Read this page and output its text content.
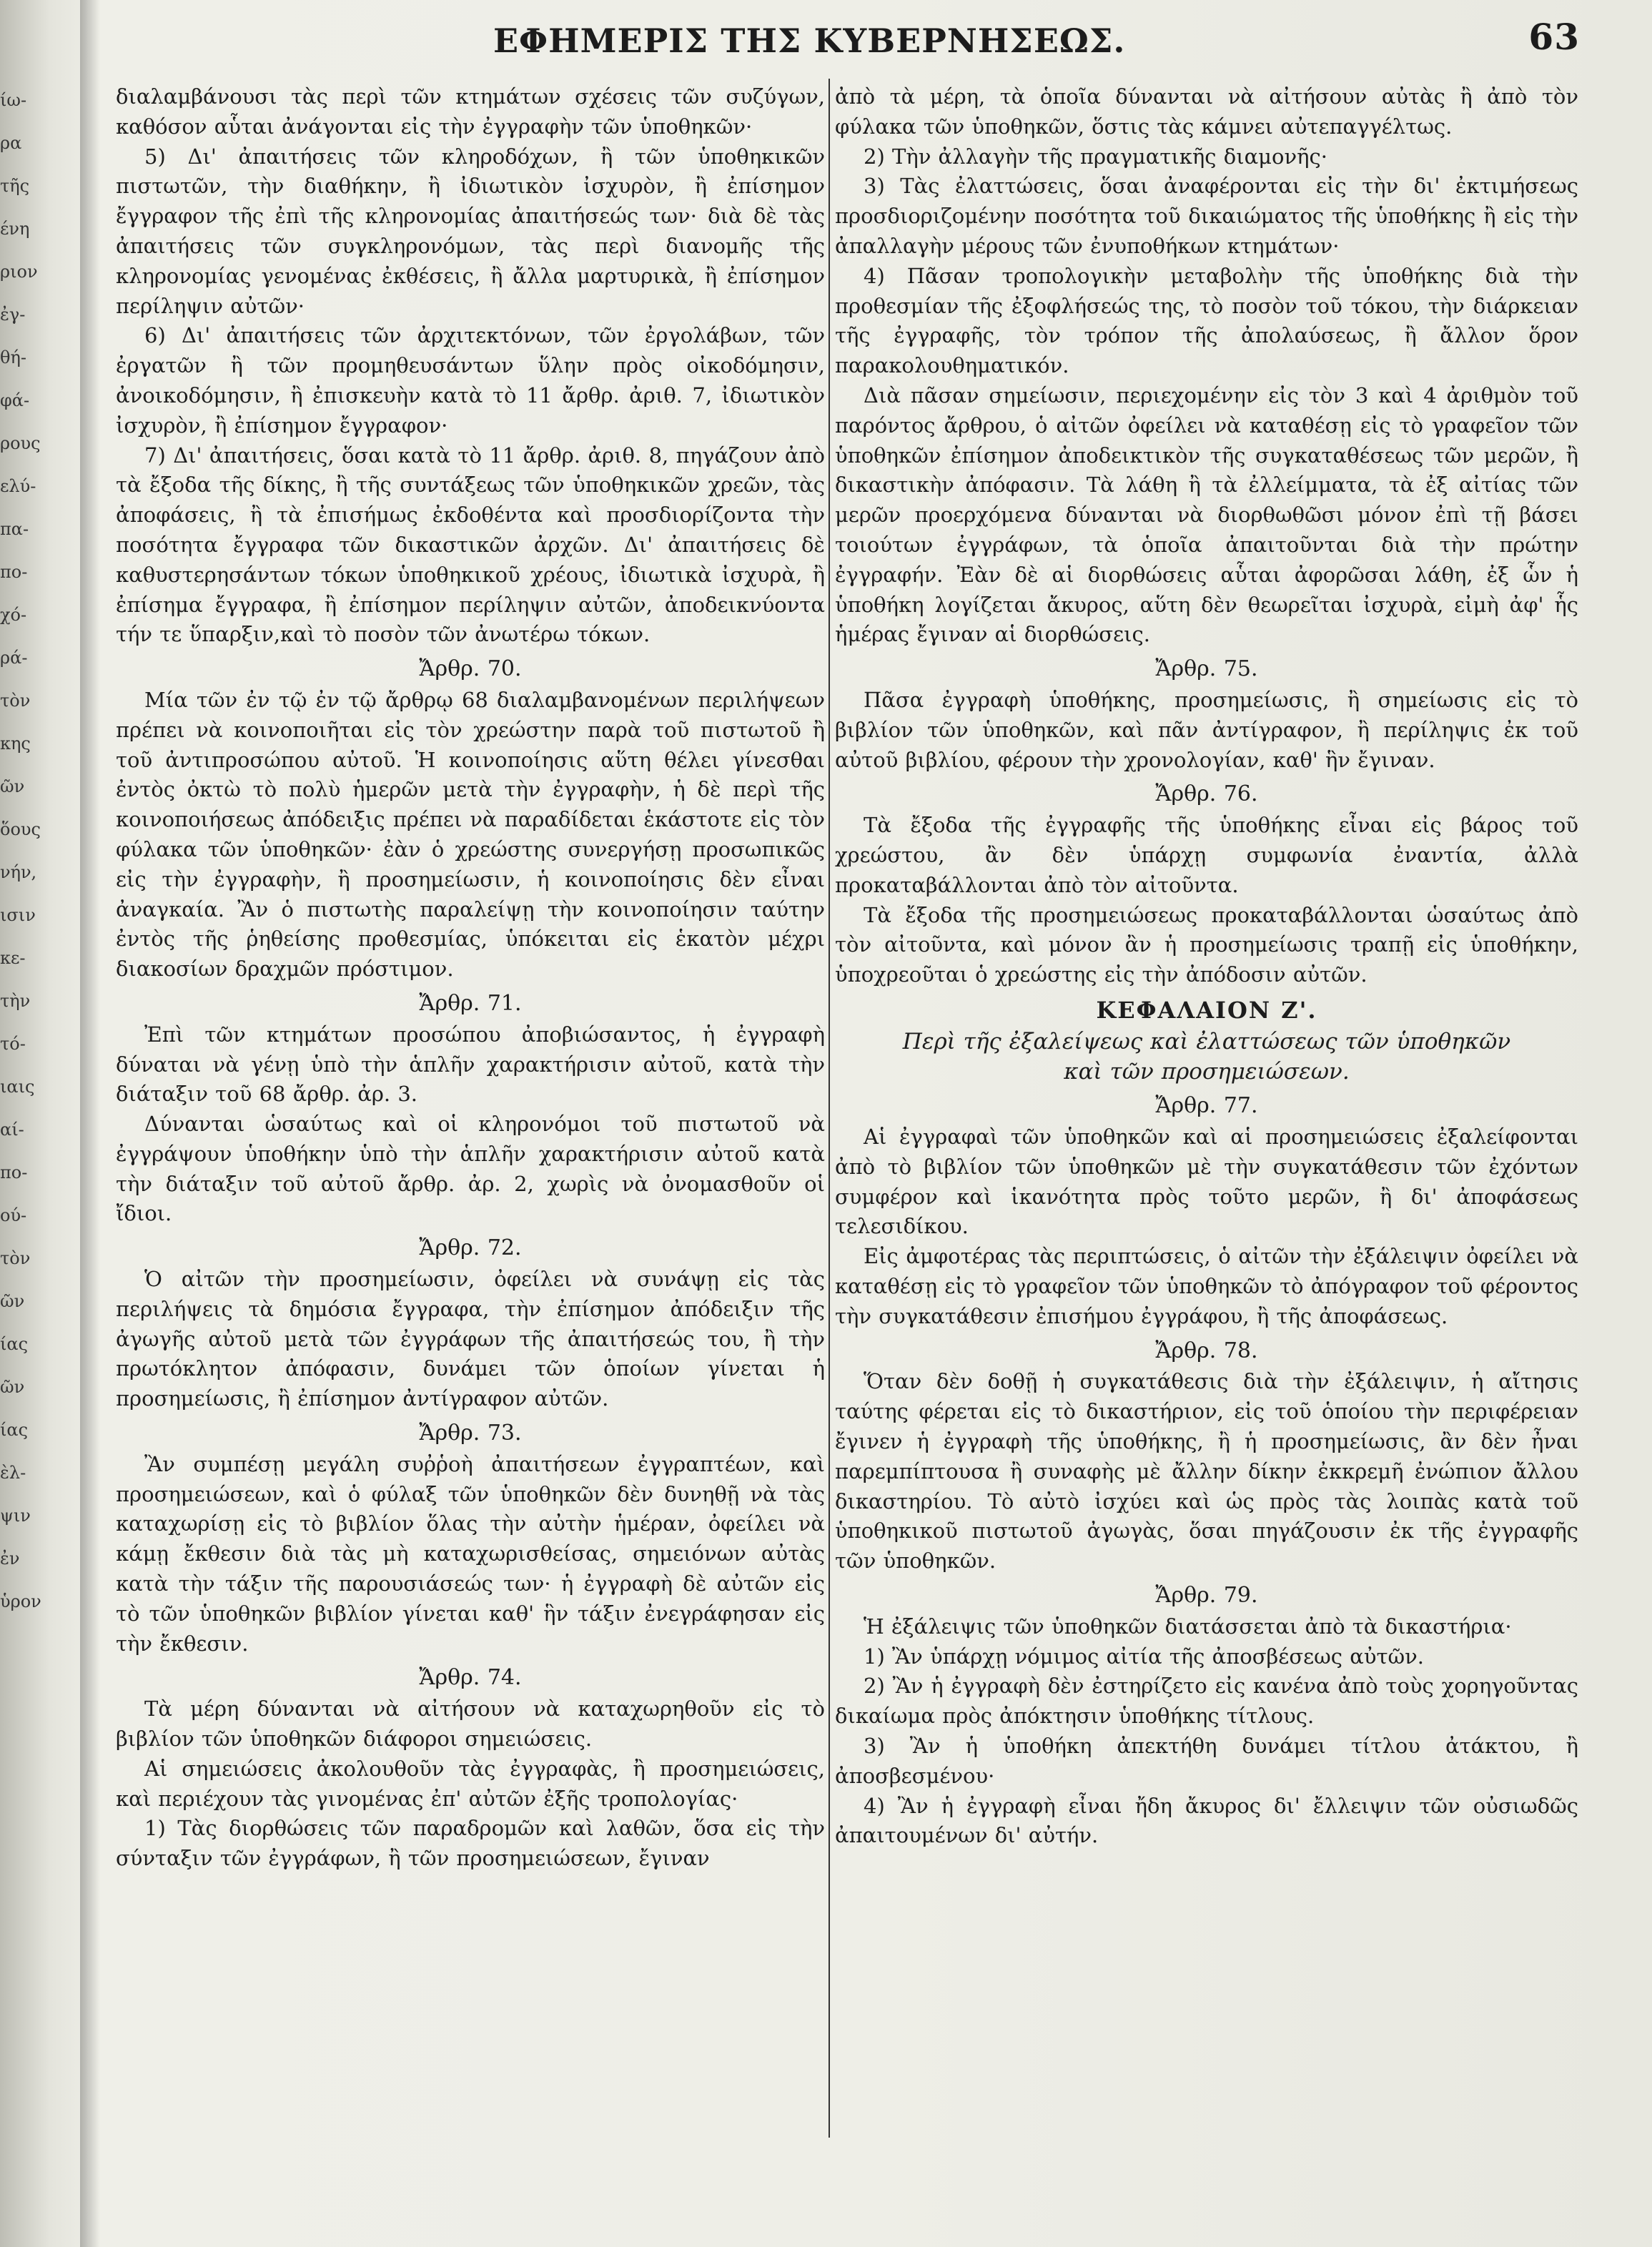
ίω-
ρα
τῆς
ένη
ριον
ἐγ-
θή-
φά-
ρους
ελύ-
πα-
πο-
χό-
ρά-
τὸν
κης
ῶν
ὅους
νήν,
ισιν
κε-
τὴν
τό-
ιαις
αί-
πο-
ού-
τὸν
ῶν
ίας
ῶν
ίας
ὲλ-
ψιν
ἐν
ὑρον
ΕΦΗΜΕΡΙΣ ΤΗΣ ΚΥΒΕΡΝΗΣΕΩΣ.	63

διαλαμβάνουσι τὰς περὶ τῶν κτημάτων σχέσεις τῶν συζύγων, καθόσον αὗται ἀνάγονται εἰς τὴν ἐγγραφὴν τῶν ὑποθηκῶν·

5) Δι' ἀπαιτήσεις τῶν κληροδόχων, ἢ τῶν ὑποθηκικῶν πιστωτῶν, τὴν διαθήκην, ἢ ἰδιωτικὸν ἰσχυρὸν, ἢ ἐπίσημον ἔγγραφον τῆς ἐπὶ τῆς κληρονομίας ἀπαιτήσεώς των· διὰ δὲ τὰς ἀπαιτήσεις τῶν συγκληρονόμων, τὰς περὶ διανομῆς τῆς κληρονομίας γενομένας ἐκθέσεις, ἢ ἄλλα μαρτυρικὰ, ἢ ἐπίσημον περίληψιν αὐτῶν·

6) Δι' ἀπαιτήσεις τῶν ἀρχιτεκτόνων, τῶν ἐργολάβων, τῶν ἐργατῶν ἢ τῶν προμηθευσάντων ὕλην πρὸς οἰκοδόμησιν, ἀνοικοδόμησιν, ἢ ἐπισκευὴν κατὰ τὸ 11 ἄρθρ. ἀριθ. 7, ἰδιωτικὸν ἰσχυρὸν, ἢ ἐπίσημον ἔγγραφον·

7) Δι' ἀπαιτήσεις, ὅσαι κατὰ τὸ 11 ἄρθρ. ἀριθ. 8, πηγάζουν ἀπὸ τὰ ἔξοδα τῆς δίκης, ἢ τῆς συντάξεως τῶν ὑποθηκικῶν χρεῶν, τὰς ἀποφάσεις, ἢ τὰ ἐπισήμως ἐκδοθέντα καὶ προσδιορίζοντα τὴν ποσότητα ἔγγραφα τῶν δικαστικῶν ἀρχῶν. Δι' ἀπαιτήσεις δὲ καθυστερησάντων τόκων ὑποθηκικοῦ χρέους, ἰδιωτικὰ ἰσχυρὰ, ἢ ἐπίσημα ἔγγραφα, ἢ ἐπίσημον περίληψιν αὐτῶν, ἀποδεικνύοντα τήν τε ὕπαρξιν,καὶ τὸ ποσὸν τῶν ἀνωτέρω τόκων.

Ἄρθρ. 70.

Μία τῶν ἐν τῷ ἐν τῷ ἄρθρῳ 68 διαλαμβανομένων περιλήψεων πρέπει νὰ κοινοποιῆται εἰς τὸν χρεώστην παρὰ τοῦ πιστωτοῦ ἢ τοῦ ἀντιπροσώπου αὐτοῦ. Ἡ κοινοποίησις αὕτη θέλει γίνεσθαι ἐντὸς ὀκτὼ τὸ πολὺ ἡμερῶν μετὰ τὴν ἐγγραφὴν, ἡ δὲ περὶ τῆς κοινοποιήσεως ἀπόδειξις πρέπει νὰ παραδίδεται ἑκάστοτε εἰς τὸν φύλακα τῶν ὑποθηκῶν· ἐὰν ὁ χρεώστης συνεργήσῃ προσωπικῶς εἰς τὴν ἐγγραφὴν, ἢ προσημείωσιν, ἡ κοινοποίησις δὲν εἶναι ἀναγκαία. Ἂν ὁ πιστωτὴς παραλείψῃ τὴν κοινοποίησιν ταύτην ἐντὸς τῆς ῥηθείσης προθεσμίας, ὑπόκειται εἰς ἑκατὸν μέχρι διακοσίων δραχμῶν πρόστιμον.

Ἄρθρ. 71.

Ἐπὶ τῶν κτημάτων προσώπου ἀποβιώσαντος, ἡ ἐγγραφὴ δύναται νὰ γένῃ ὑπὸ τὴν ἁπλῆν χαρακτήρισιν αὐτοῦ, κατὰ τὴν διάταξιν τοῦ 68 ἄρθρ. ἀρ. 3.

Δύνανται ὡσαύτως καὶ οἱ κληρονόμοι τοῦ πιστωτοῦ νὰ ἐγγράψουν ὑποθήκην ὑπὸ τὴν ἁπλῆν χαρακτήρισιν αὐτοῦ κατὰ τὴν διάταξιν τοῦ αὐτοῦ ἄρθρ. ἀρ. 2, χωρὶς νὰ ὀνομασθοῦν οἱ ἴδιοι.

Ἄρθρ. 72.

Ὁ αἰτῶν τὴν προσημείωσιν, ὀφείλει νὰ συνάψῃ εἰς τὰς περιλήψεις τὰ δημόσια ἔγγραφα, τὴν ἐπίσημον ἀπόδειξιν τῆς ἀγωγῆς αὐτοῦ μετὰ τῶν ἐγγράφων τῆς ἀπαιτήσεώς του, ἢ τὴν πρωτόκλητον ἀπόφασιν, δυνάμει τῶν ὁποίων γίνεται ἡ προσημείωσις, ἢ ἐπίσημον ἀντίγραφον αὐτῶν.

Ἄρθρ. 73.

Ἂν συμπέσῃ μεγάλη συῤῥοὴ ἀπαιτήσεων ἐγγραπτέων, καὶ προσημειώσεων, καὶ ὁ φύλαξ τῶν ὑποθηκῶν δὲν δυνηθῇ νὰ τὰς καταχωρίσῃ εἰς τὸ βιβλίον ὅλας τὴν αὐτὴν ἡμέραν, ὀφείλει νὰ κάμῃ ἔκθεσιν διὰ τὰς μὴ καταχωρισθείσας, σημειόνων αὐτὰς κατὰ τὴν τάξιν τῆς παρουσιάσεώς των· ἡ ἐγγραφὴ δὲ αὐτῶν εἰς τὸ τῶν ὑποθηκῶν βιβλίον γίνεται καθ' ἣν τάξιν ἐνεγράφησαν εἰς τὴν ἔκθεσιν.

Ἄρθρ. 74.

Τὰ μέρη δύνανται νὰ αἰτήσουν νὰ καταχωρηθοῦν εἰς τὸ βιβλίον τῶν ὑποθηκῶν διάφοροι σημειώσεις.

Αἱ σημειώσεις ἀκολουθοῦν τὰς ἐγγραφὰς, ἢ προσημειώσεις, καὶ περιέχουν τὰς γινομένας ἐπ' αὐτῶν ἐξῆς τροπολογίας·

1) Τὰς διορθώσεις τῶν παραδρομῶν καὶ λαθῶν, ὅσα εἰς τὴν σύνταξιν τῶν ἐγγράφων, ἢ τῶν προσημειώσεων, ἔγιναν

ἀπὸ τὰ μέρη, τὰ ὁποῖα δύνανται νὰ αἰτήσουν αὐτὰς ἢ ἀπὸ τὸν φύλακα τῶν ὑποθηκῶν, ὅστις τὰς κάμνει αὐτεπαγγέλτως.

2) Τὴν ἀλλαγὴν τῆς πραγματικῆς διαμονῆς·

3) Τὰς ἐλαττώσεις, ὅσαι ἀναφέρονται εἰς τὴν δι' ἐκτιμήσεως προσδιοριζομένην ποσότητα τοῦ δικαιώματος τῆς ὑποθήκης ἢ εἰς τὴν ἀπαλλαγὴν μέρους τῶν ἐνυποθήκων κτημάτων·

4) Πᾶσαν τροπολογικὴν μεταβολὴν τῆς ὑποθήκης διὰ τὴν προθεσμίαν τῆς ἐξοφλήσεώς της, τὸ ποσὸν τοῦ τόκου, τὴν διάρκειαν τῆς ἐγγραφῆς, τὸν τρόπον τῆς ἀπολαύσεως, ἢ ἄλλον ὅρον παρακολουθηματικόν.

Διὰ πᾶσαν σημείωσιν, περιεχομένην εἰς τὸν 3 καὶ 4 ἀριθμὸν τοῦ παρόντος ἄρθρου, ὁ αἰτῶν ὀφείλει νὰ καταθέσῃ εἰς τὸ γραφεῖον τῶν ὑποθηκῶν ἐπίσημον ἀποδεικτικὸν τῆς συγκαταθέσεως τῶν μερῶν, ἢ δικαστικὴν ἀπόφασιν. Τὰ λάθη ἢ τὰ ἐλλείμματα, τὰ ἐξ αἰτίας τῶν μερῶν προερχόμενα δύνανται νὰ διορθωθῶσι μόνον ἐπὶ τῇ βάσει τοιούτων ἐγγράφων, τὰ ὁποῖα ἀπαιτοῦνται διὰ τὴν πρώτην ἐγγραφήν. Ἐὰν δὲ αἱ διορθώσεις αὗται ἀφορῶσαι λάθη, ἐξ ὧν ἡ ὑποθήκη λογίζεται ἄκυρος, αὕτη δὲν θεωρεῖται ἰσχυρὰ, εἰμὴ ἀφ' ἧς ἡμέρας ἔγιναν αἱ διορθώσεις.

Ἄρθρ. 75.

Πᾶσα ἐγγραφὴ ὑποθήκης, προσημείωσις, ἢ σημείωσις εἰς τὸ βιβλίον τῶν ὑποθηκῶν, καὶ πᾶν ἀντίγραφον, ἢ περίληψις ἐκ τοῦ αὐτοῦ βιβλίου, φέρουν τὴν χρονολογίαν, καθ' ἣν ἔγιναν.

Ἄρθρ. 76.

Τὰ ἔξοδα τῆς ἐγγραφῆς τῆς ὑποθήκης εἶναι εἰς βάρος τοῦ χρεώστου, ἂν δὲν ὑπάρχῃ συμφωνία ἐναντία, ἀλλὰ προκαταβάλλονται ἀπὸ τὸν αἰτοῦντα.

Τὰ ἔξοδα τῆς προσημειώσεως προκαταβάλλονται ὡσαύτως ἀπὸ τὸν αἰτοῦντα, καὶ μόνον ἂν ἡ προσημείωσις τραπῇ εἰς ὑποθήκην, ὑποχρεοῦται ὁ χρεώστης εἰς τὴν ἀπόδοσιν αὐτῶν.

ΚΕΦΑΛΑΙΟΝ Ζ'.
Περὶ τῆς ἐξαλείψεως καὶ ἐλαττώσεως τῶν ὑποθηκῶν
καὶ τῶν προσημειώσεων.
Ἄρθρ. 77.

Αἱ ἐγγραφαὶ τῶν ὑποθηκῶν καὶ αἱ προσημειώσεις ἐξαλείφονται ἀπὸ τὸ βιβλίον τῶν ὑποθηκῶν μὲ τὴν συγκατάθεσιν τῶν ἐχόντων συμφέρον καὶ ἱκανότητα πρὸς τοῦτο μερῶν, ἢ δι' ἀποφάσεως τελεσιδίκου.

Εἰς ἀμφοτέρας τὰς περιπτώσεις, ὁ αἰτῶν τὴν ἐξάλειψιν ὀφείλει νὰ καταθέσῃ εἰς τὸ γραφεῖον τῶν ὑποθηκῶν τὸ ἀπόγραφον τοῦ φέροντος τὴν συγκατάθεσιν ἐπισήμου ἐγγράφου, ἢ τῆς ἀποφάσεως.

Ἄρθρ. 78.

Ὅταν δὲν δοθῇ ἡ συγκατάθεσις διὰ τὴν ἐξάλειψιν, ἡ αἴτησις ταύτης φέρεται εἰς τὸ δικαστήριον, εἰς τοῦ ὁποίου τὴν περιφέρειαν ἔγινεν ἡ ἐγγραφὴ τῆς ὑποθήκης, ἢ ἡ προσημείωσις, ἂν δὲν ἦναι παρεμπίπτουσα ἢ συναφὴς μὲ ἄλλην δίκην ἐκκρεμῆ ἐνώπιον ἄλλου δικαστηρίου. Τὸ αὐτὸ ἰσχύει καὶ ὡς πρὸς τὰς λοιπὰς κατὰ τοῦ ὑποθηκικοῦ πιστωτοῦ ἀγωγὰς, ὅσαι πηγάζουσιν ἐκ τῆς ἐγγραφῆς τῶν ὑποθηκῶν.

Ἄρθρ. 79.

Ἡ ἐξάλειψις τῶν ὑποθηκῶν διατάσσεται ἀπὸ τὰ δικαστήρια·

1) Ἂν ὑπάρχῃ νόμιμος αἰτία τῆς ἀποσβέσεως αὐτῶν.

2) Ἂν ἡ ἐγγραφὴ δὲν ἐστηρίζετο εἰς κανένα ἀπὸ τοὺς χορηγοῦντας δικαίωμα πρὸς ἀπόκτησιν ὑποθήκης τίτλους.

3) Ἂν ἡ ὑποθήκη ἀπεκτήθη δυνάμει τίτλου ἀτάκτου, ἢ ἀποσβεσμένου·

4) Ἂν ἡ ἐγγραφὴ εἶναι ἤδη ἄκυρος δι' ἔλλειψιν τῶν οὐσιωδῶς ἀπαιτουμένων δι' αὐτήν.
